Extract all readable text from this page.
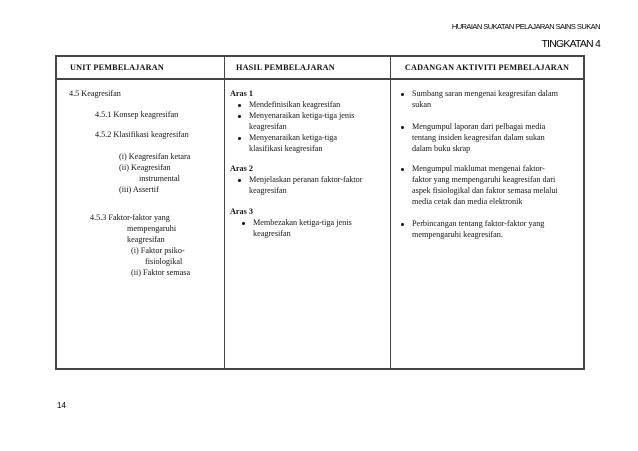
HURAIAN SUKATAN PELAJARAN SAINS SUKAN
TINGKATAN 4
UNIT PEMBELAJARAN	HASIL PEMBELAJARAN	CADANGAN AKTIVITI PEMBELAJARAN
4.5 Keagresifan
4.5.1 Konsep keagresifan
4.5.2 Klasifikasi keagresifan
(i) Keagresifan ketara
(ii) Keagresifan
instrumental
(iii) Assertif
4.5.3 Faktor-faktor yang
mempengaruhi
keagresifan
(i) Faktor psiko-
fisiologikal
(ii) Faktor semasa
Aras 1
Mendefinisikan keagresifan
Menyenaraikan ketiga-tiga jenis
keagresifan
Menyenaraikan ketiga-tiga
klasifikasi keagresifan
Aras 2
Menjelaskan peranan faktor-faktor
keagresifan
Aras 3
Membezakan ketiga-tiga jenis
keagresifan
Sumbang saran mengenai keagresifan dalam
sukan
Mengumpul laporan dari pelbagai media
tentang insiden keagresifan dalam sukan
dalam buku skrap
Mengumpul maklumat mengenai faktor-
faktor yang mempengaruhi keagresifan dari
aspek fisiologikal dan faktor semasa melalui
media cetak dan media elektronik
Perbincangan tentang faktor-faktor yang
mempengaruhi keagresifan.
14
